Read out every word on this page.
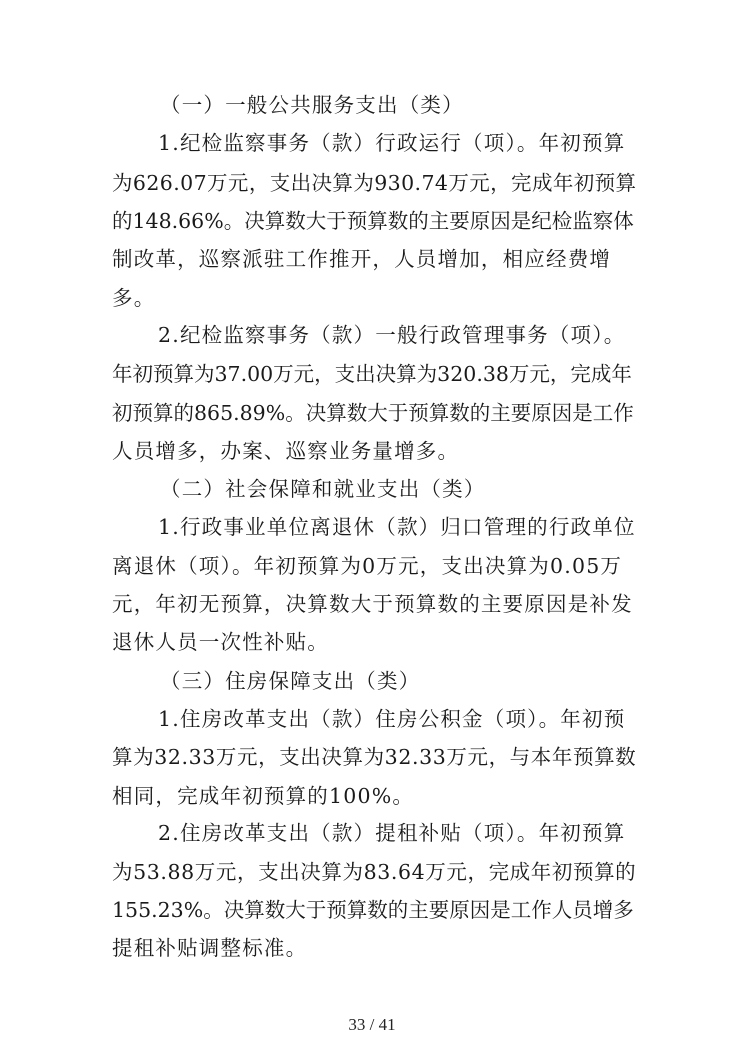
（一）一般公共服务支出（类）
1.纪检监察事务（款）行政运行（项）。年初预算
为626.07万元，支出决算为930.74万元，完成年初预算
的148.66%。决算数大于预算数的主要原因是纪检监察体
制改革，巡察派驻工作推开，人员增加，相应经费增
多。
2.纪检监察事务（款）一般行政管理事务（项）。
年初预算为37.00万元，支出决算为320.38万元，完成年
初预算的865.89%。决算数大于预算数的主要原因是工作
人员增多，办案、巡察业务量增多。
（二）社会保障和就业支出（类）
1.行政事业单位离退休（款）归口管理的行政单位
离退休（项）。年初预算为0万元，支出决算为0.05万
元，年初无预算，决算数大于预算数的主要原因是补发
退休人员一次性补贴。
（三）住房保障支出（类）
1.住房改革支出（款）住房公积金（项）。年初预
算为32.33万元，支出决算为32.33万元，与本年预算数
相同，完成年初预算的100%。
2.住房改革支出（款）提租补贴（项）。年初预算
为53.88万元，支出决算为83.64万元，完成年初预算的
155.23%。决算数大于预算数的主要原因是工作人员增多
提租补贴调整标准。
33 / 41
